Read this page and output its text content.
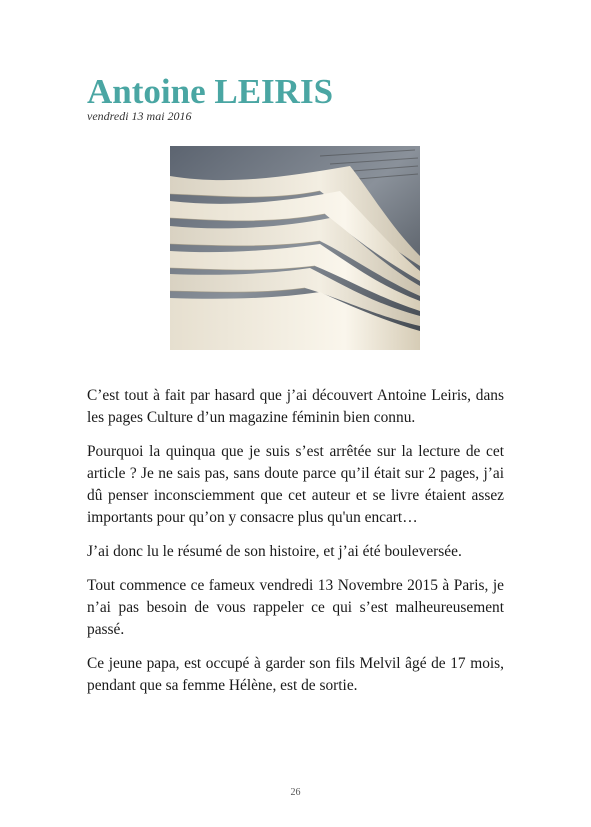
Antoine LEIRIS
vendredi 13 mai 2016

C’est tout à fait par hasard que j’ai découvert Antoine Leiris, dans les pages Culture d’un magazine féminin bien connu.

Pourquoi la quinqua que je suis s’est arrêtée sur la lecture de cet article ? Je ne sais pas, sans doute parce qu’il était sur 2 pages, j’ai dû penser inconsciemment que cet auteur et se livre étaient assez importants pour qu’on y consacre plus qu'un encart…

J’ai donc lu le résumé de son histoire, et j’ai été bouleversée.

Tout commence ce fameux vendredi 13 Novembre 2015 à Paris, je n’ai pas besoin de vous rappeler ce qui s’est malheureusement passé.

Ce jeune papa, est occupé à garder son fils Melvil âgé de 17 mois, pendant que sa femme Hélène, est de sortie.

26
